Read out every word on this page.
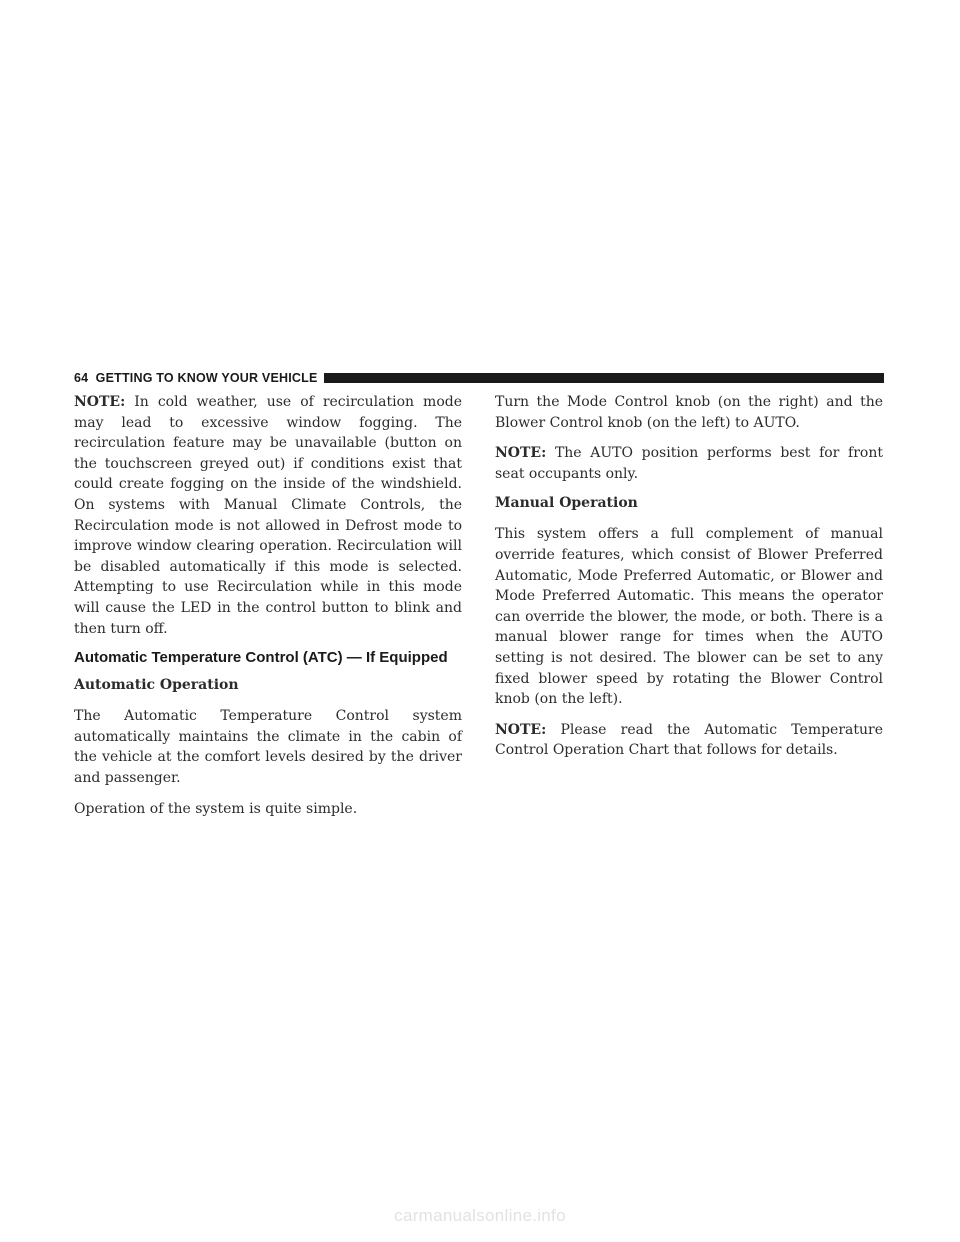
64 GETTING TO KNOW YOUR VEHICLE

NOTE: In cold weather, use of recirculation mode may lead to excessive window fogging. The recirculation feature may be unavailable (button on the touchscreen greyed out) if conditions exist that could create fogging on the inside of the windshield. On systems with Manual Climate Controls, the Recirculation mode is not allowed in Defrost mode to improve window clearing operation. Recirculation will be disabled automatically if this mode is selected. Attempting to use Recirculation while in this mode will cause the LED in the control button to blink and then turn off.

Automatic Temperature Control (ATC) — If Equipped
Automatic Operation

The Automatic Temperature Control system automatically maintains the climate in the cabin of the vehicle at the comfort levels desired by the driver and passenger.

Operation of the system is quite simple.

Turn the Mode Control knob (on the right) and the Blower Control knob (on the left) to AUTO.

NOTE: The AUTO position performs best for front seat occupants only.

Manual Operation

This system offers a full complement of manual override features, which consist of Blower Preferred Automatic, Mode Preferred Automatic, or Blower and Mode Preferred Automatic. This means the operator can override the blower, the mode, or both. There is a manual blower range for times when the AUTO setting is not desired. The blower can be set to any fixed blower speed by rotating the Blower Control knob (on the left).

NOTE: Please read the Automatic Temperature Control Operation Chart that follows for details.

carmanualsonline.info
